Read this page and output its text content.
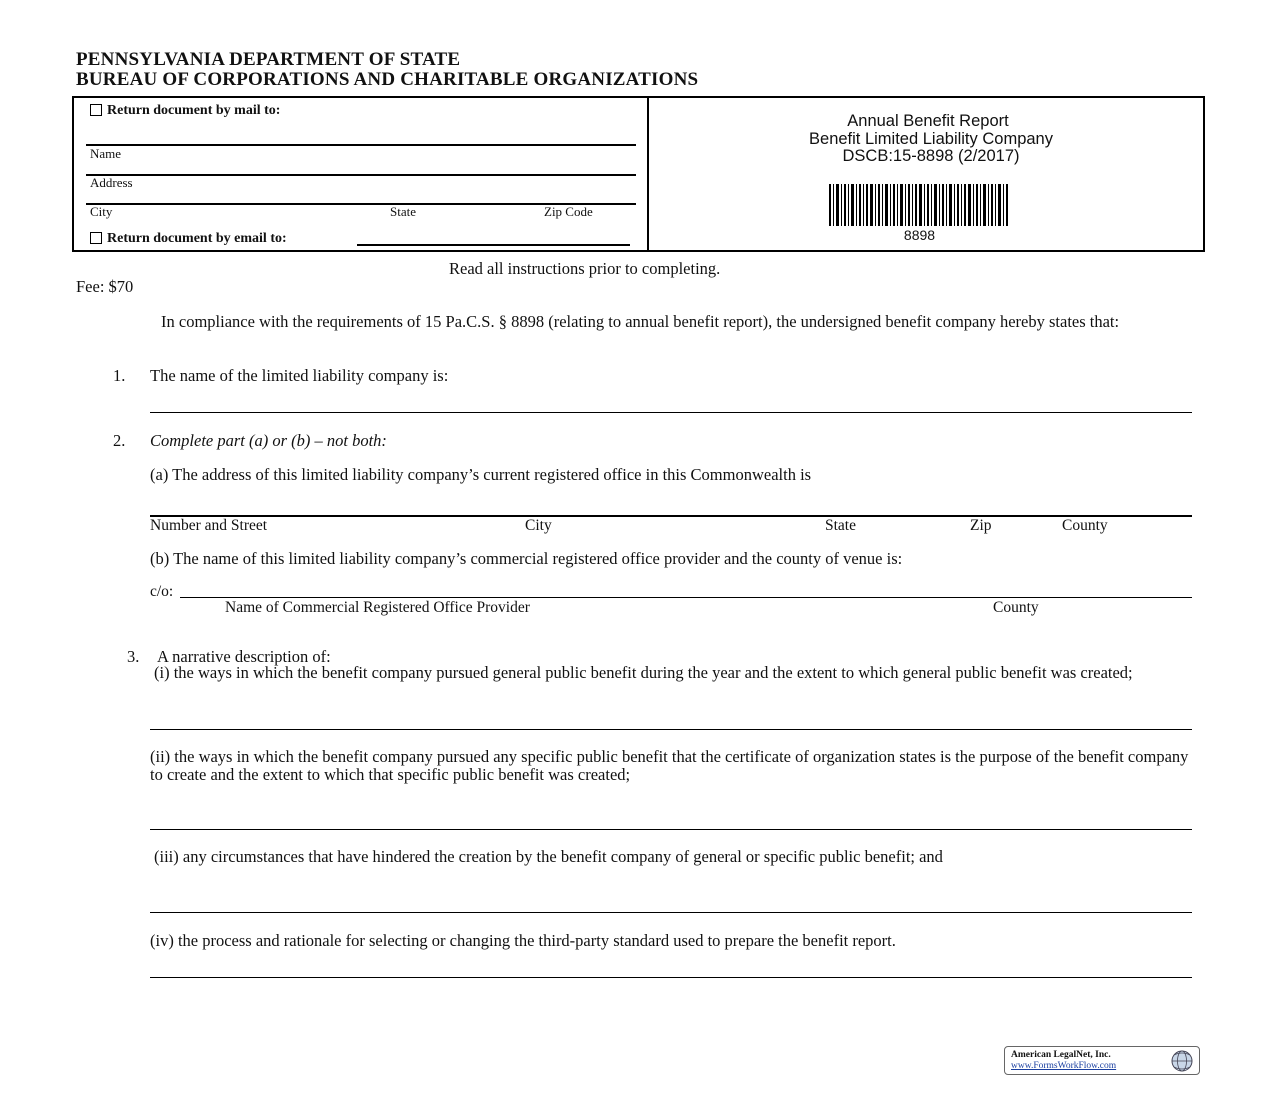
PENNSYLVANIA DEPARTMENT OF STATE
BUREAU OF CORPORATIONS AND CHARITABLE ORGANIZATIONS
Return document by mail to:
Name
Address
City	State	Zip Code
Return document by email to:
Annual Benefit Report
Benefit Limited Liability Company
DSCB:15-8898 (2/2017)
8898
Read all instructions prior to completing.
Fee: $70
In compliance with the requirements of 15 Pa.C.S. § 8898 (relating to annual benefit report), the undersigned benefit company hereby states that:
1. The name of the limited liability company is:
2. Complete part (a) or (b) – not both:
(a) The address of this limited liability company’s current registered office in this Commonwealth is
Number and Street	City	State	Zip	County
(b) The name of this limited liability company’s commercial registered office provider and the county of venue is:
c/o:
Name of Commercial Registered Office Provider	County
3. A narrative description of:
(i) the ways in which the benefit company pursued general public benefit during the year and the extent to which general public benefit was created;
(ii) the ways in which the benefit company pursued any specific public benefit that the certificate of organization states is the purpose of the benefit company to create and the extent to which that specific public benefit was created;
(iii) any circumstances that have hindered the creation by the benefit company of general or specific public benefit; and
(iv) the process and rationale for selecting or changing the third-party standard used to prepare the benefit report.
American LegalNet, Inc.
www.FormsWorkFlow.com
